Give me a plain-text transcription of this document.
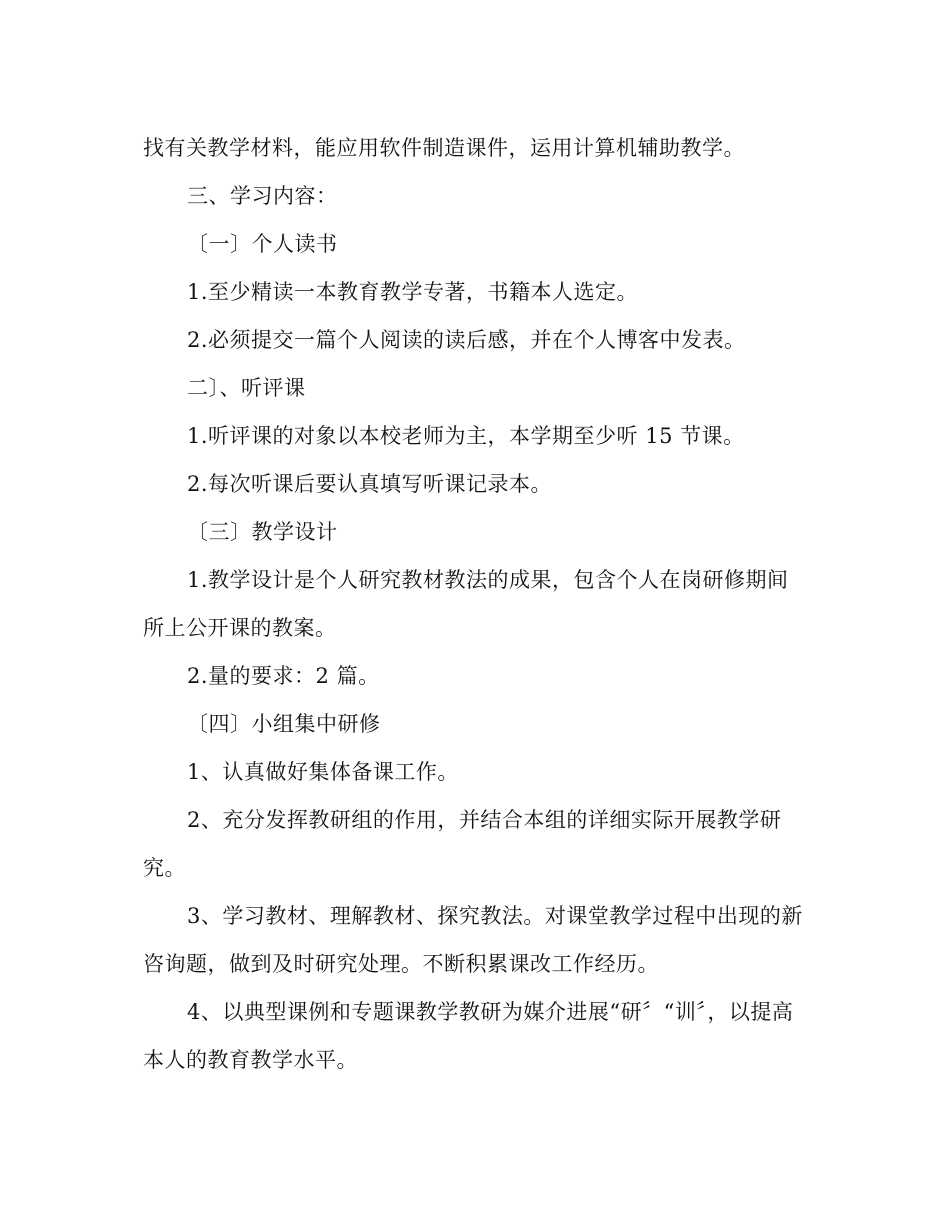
找有关教学材料，能应用软件制造课件，运用计算机辅助教学。
三、学习内容：
〔一〕个人读书
1.至少精读一本教育教学专著，书籍本人选定。
2.必须提交一篇个人阅读的读后感，并在个人博客中发表。
二〕、听评课
1.听评课的对象以本校老师为主，本学期至少听 15 节课。
2.每次听课后要认真填写听课记录本。
〔三〕教学设计
1.教学设计是个人研究教材教法的成果，包含个人在岗研修期间
所上公开课的教案。
2.量的要求：2 篇。
〔四〕小组集中研修
1、认真做好集体备课工作。
2、充分发挥教研组的作用，并结合本组的详细实际开展教学研
究。
3、学习教材、理解教材、探究教法。对课堂教学过程中出现的新
咨询题，做到及时研究处理。不断积累课改工作经历。
4、以典型课例和专题课教学教研为媒介进展“研〞“训〞，以提高
本人的教育教学水平。
